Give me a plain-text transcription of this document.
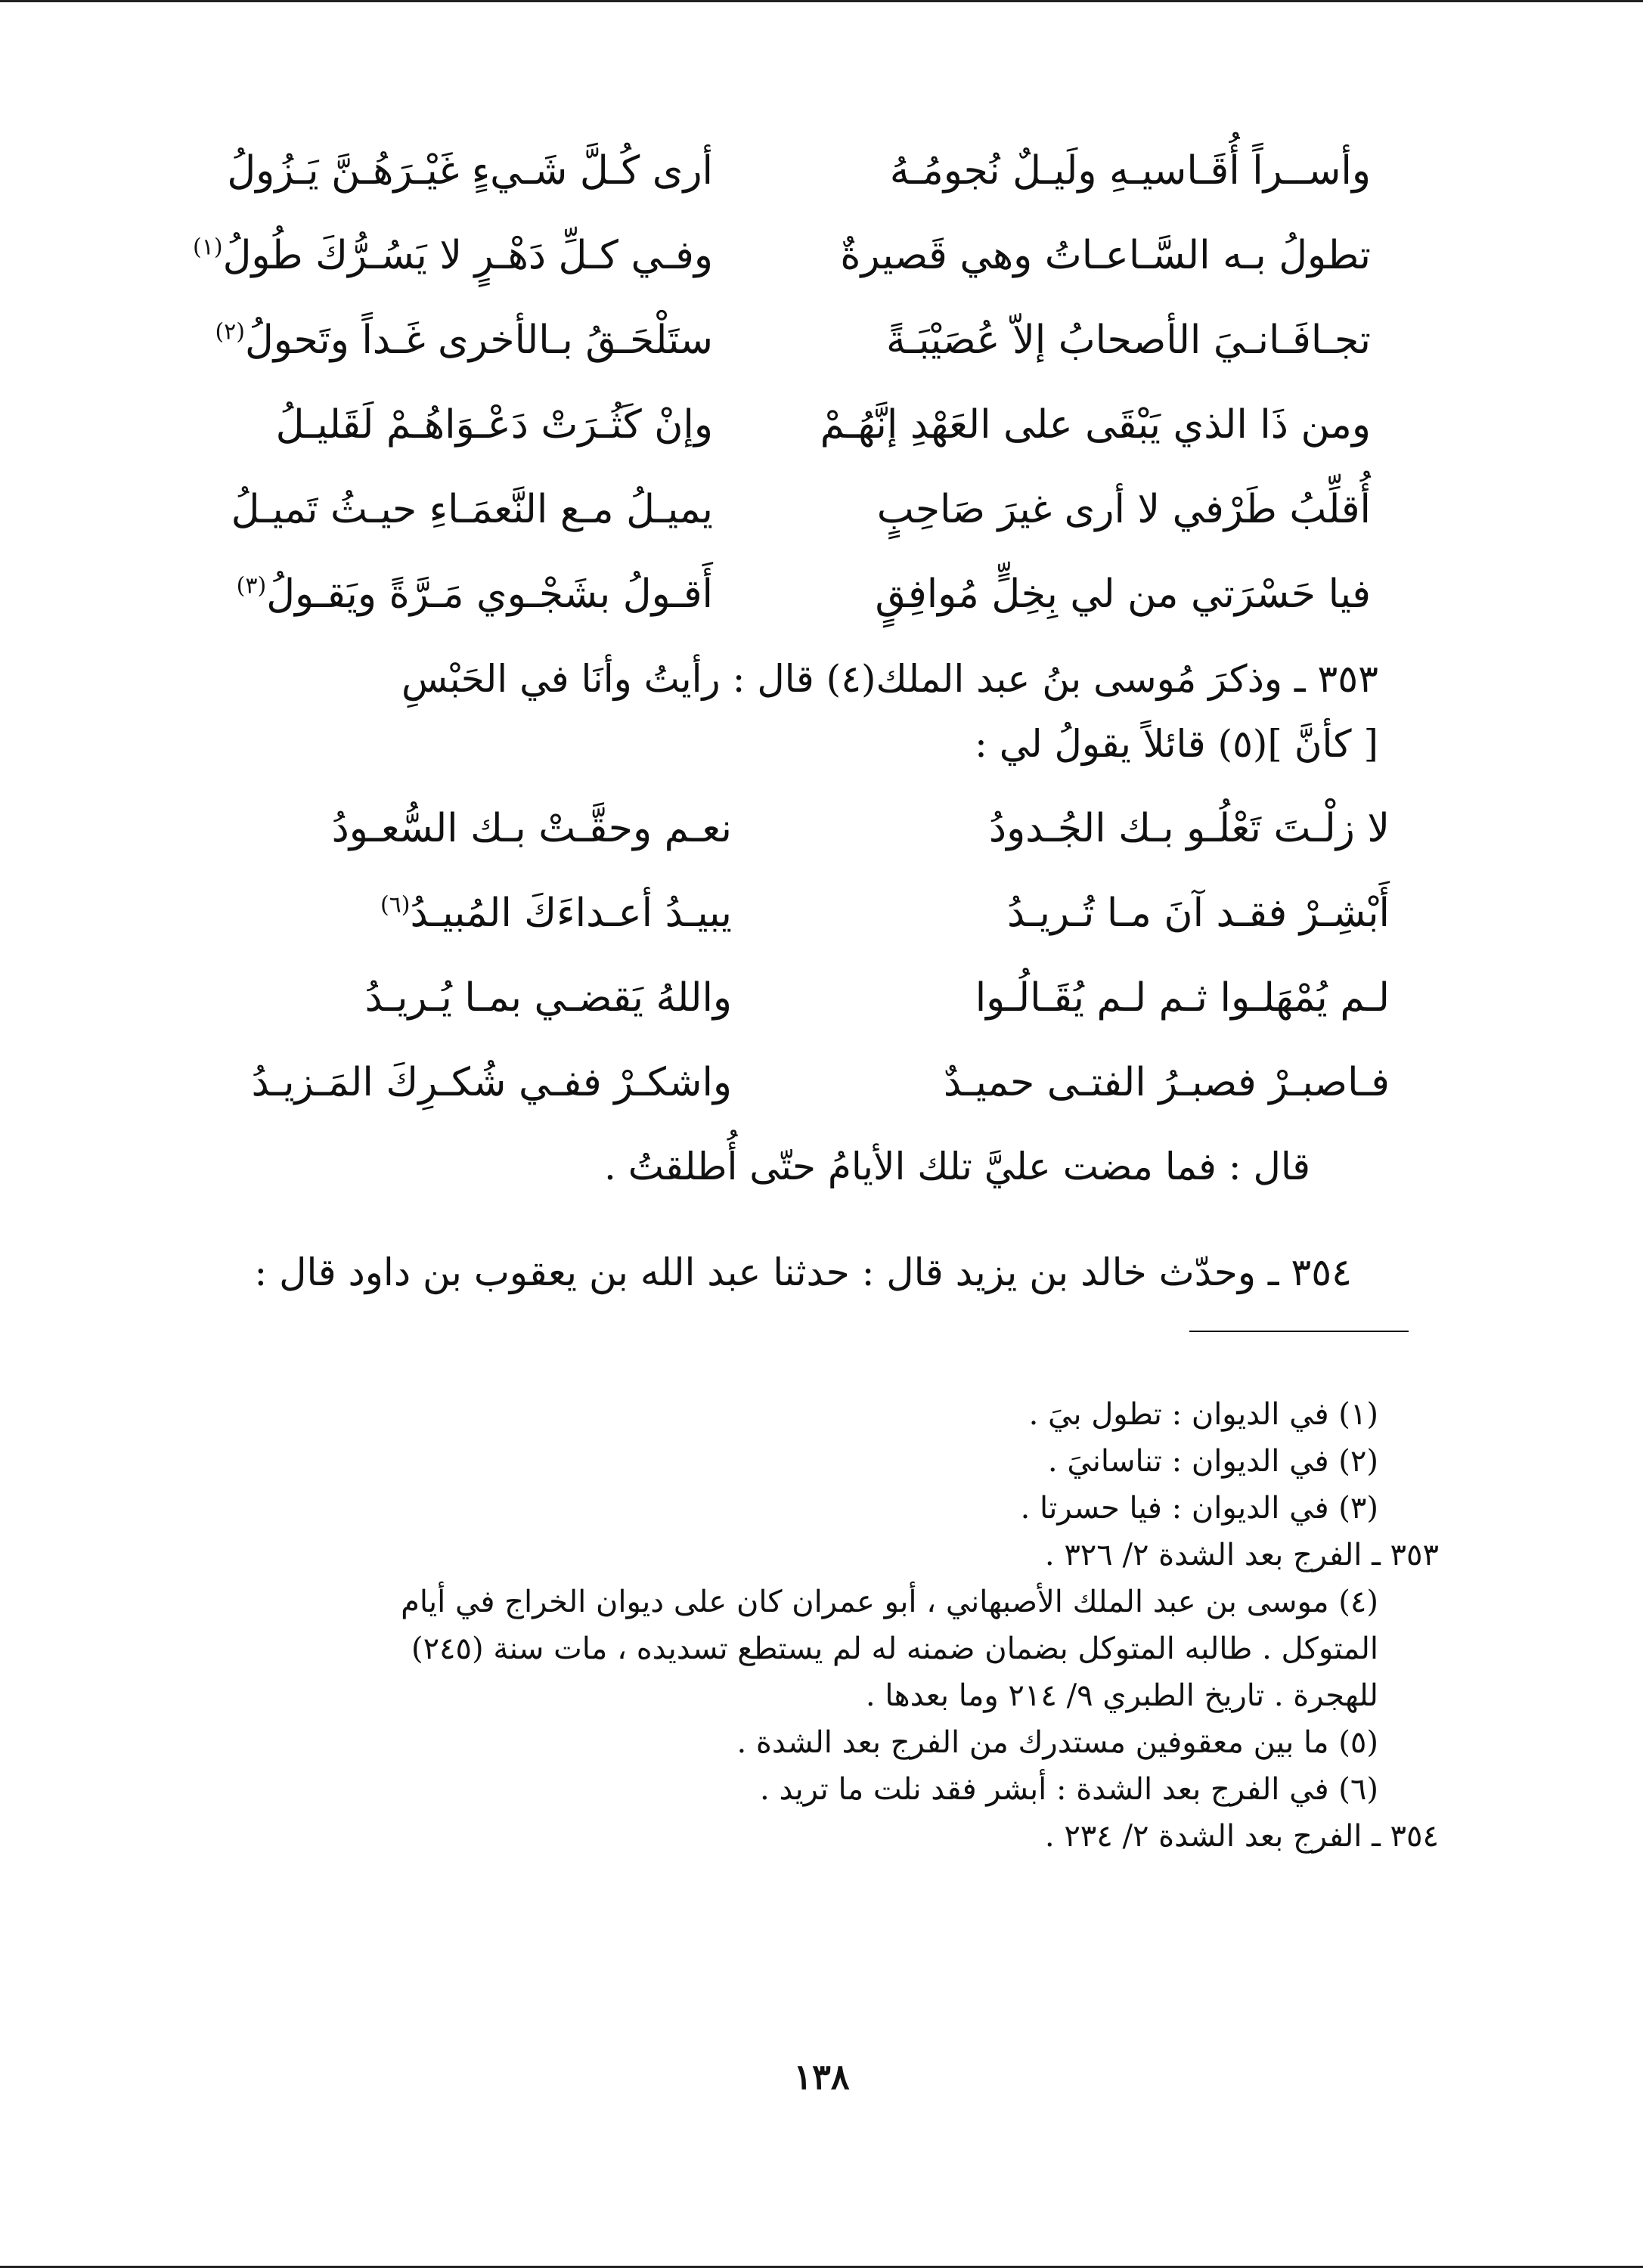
وأســراً أُقَـاسيـهِ ولَيـلٌ نُجومُـهُ
أرى كُـلَّ شَـيءٍ غَيْـرَهُـنَّ يَـزُولُ
تطولُ بـه السَّـاعـاتُ وهي قَصيرةٌ
وفـي كـلِّ دَهْـرٍ لا يَسُـرُّكَ طُولُ$^{(١)}$
تجـافَـانـيَ الأصحابُ إلاّ عُصَيْبَـةً
ستَلْحَـقُ بـالأخرى غَـداً وتَحولُ$^{(٢)}$
ومن ذَا الذي يَبْقَى على العَهْدِ إنَّهُـمْ
وإنْ كَثُـرَتْ دَعْـوَاهُـمْ لَقَليـلُ
أُقلِّبُ طَرْفي لا أرى غيرَ صَاحِبٍ
يميـلُ مـع النَّعمَـاءِ حيـثُ تَميـلُ
فيا حَسْرَتي من لي بِخِلٍّ مُوافِقٍ
أَقـولُ بشَجْـوي مَـرَّةً ويَقـولُ$^{(٣)}$
٣٥٣ ـ وذكرَ مُوسى بنُ عبد الملك(٤) قال : رأيتُ وأنَا في الحَبْسِ
[ كأنَّ ](٥) قائلاً يقولُ لي :
لا زلْـتَ تَعْلُـو بـك الجُـدودُ
نعـم وحقَّـتْ بـك السُّعـودُ
أَبْشِـرْ فقـد آنَ مـا تُـريـدُ
يبيـدُ أعـداءَكَ المُبيـدُ$^{(٦)}$
لـم يُمْهَلـوا ثـم لـم يُقَـالُـوا
واللهُ يَقضـي بمـا يُـريـدُ
فـاصبـرْ فصبـرُ الفتـى حميـدٌ
واشكـرْ ففـي شُكـرِكَ المَـزيـدُ
قال : فما مضت عليَّ تلك الأيامُ حتّى أُطلقتُ .
٣٥٤ ـ وحدّث خالد بن يزيد قال : حدثنا عبد الله بن يعقوب بن داود قال :
(١) في الديوان : تطول بيَ .
(٢) في الديوان : تناسانيَ .
(٣) في الديوان : فيا حسرتا .
٣٥٣ ـ الفرج بعد الشدة ٢/ ٣٢٦ .
(٤) موسى بن عبد الملك الأصبهاني ، أبو عمران كان على ديوان الخراج في أيام
المتوكل . طالبه المتوكل بضمان ضمنه له لم يستطع تسديده ، مات سنة (٢٤٥)
للهجرة . تاريخ الطبري ٩/ ٢١٤ وما بعدها .
(٥) ما بين معقوفين مستدرك من الفرج بعد الشدة .
(٦) في الفرج بعد الشدة : أبشر فقد نلت ما تريد .
٣٥٤ ـ الفرج بعد الشدة ٢/ ٢٣٤ .
١٣٨
